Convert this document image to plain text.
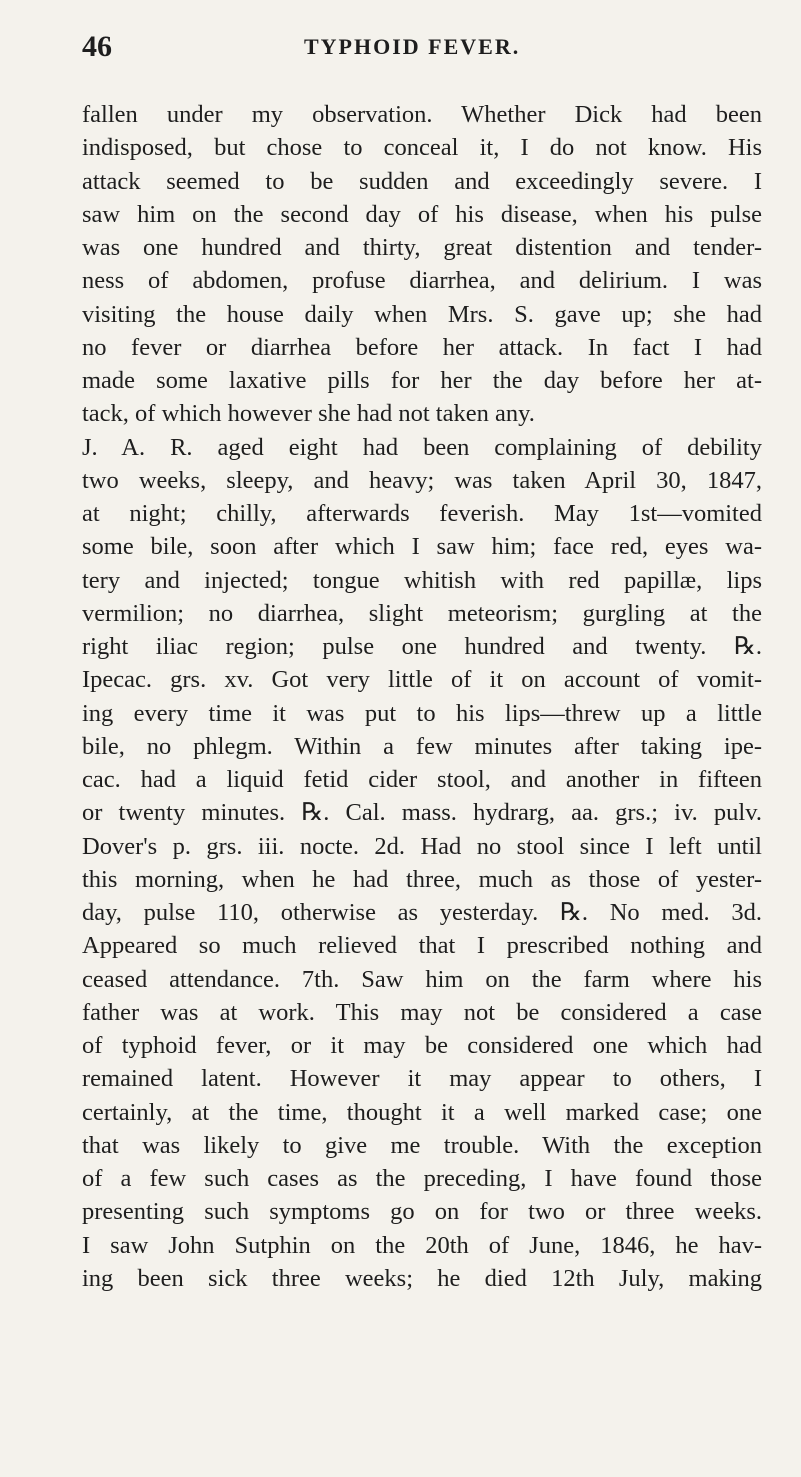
46	TYPHOID FEVER.
fallen under my observation. Whether Dick had been
indisposed, but chose to conceal it, I do not know. His
attack seemed to be sudden and exceedingly severe. I
saw him on the second day of his disease, when his pulse
was one hundred and thirty, great distention and tender-
ness of abdomen, profuse diarrhea, and delirium. I was
visiting the house daily when Mrs. S. gave up; she had
no fever or diarrhea before her attack. In fact I had
made some laxative pills for her the day before her at-
tack, of which however she had not taken any.
J. A. R. aged eight had been complaining of debility
two weeks, sleepy, and heavy; was taken April 30, 1847,
at night; chilly, afterwards feverish. May 1st—vomited
some bile, soon after which I saw him; face red, eyes wa-
tery and injected; tongue whitish with red papillæ, lips
vermilion; no diarrhea, slight meteorism; gurgling at the
right iliac region; pulse one hundred and twenty. ℞.
Ipecac. grs. xv. Got very little of it on account of vomit-
ing every time it was put to his lips—threw up a little
bile, no phlegm. Within a few minutes after taking ipe-
cac. had a liquid fetid cider stool, and another in fifteen
or twenty minutes. ℞. Cal. mass. hydrarg, aa. grs.; iv. pulv.
Dover's p. grs. iii. nocte. 2d. Had no stool since I left until
this morning, when he had three, much as those of yester-
day, pulse 110, otherwise as yesterday. ℞. No med. 3d.
Appeared so much relieved that I prescribed nothing and
ceased attendance. 7th. Saw him on the farm where his
father was at work. This may not be considered a case
of typhoid fever, or it may be considered one which had
remained latent. However it may appear to others, I
certainly, at the time, thought it a well marked case; one
that was likely to give me trouble. With the exception
of a few such cases as the preceding, I have found those
presenting such symptoms go on for two or three weeks.
I saw John Sutphin on the 20th of June, 1846, he hav-
ing been sick three weeks; he died 12th July, making
